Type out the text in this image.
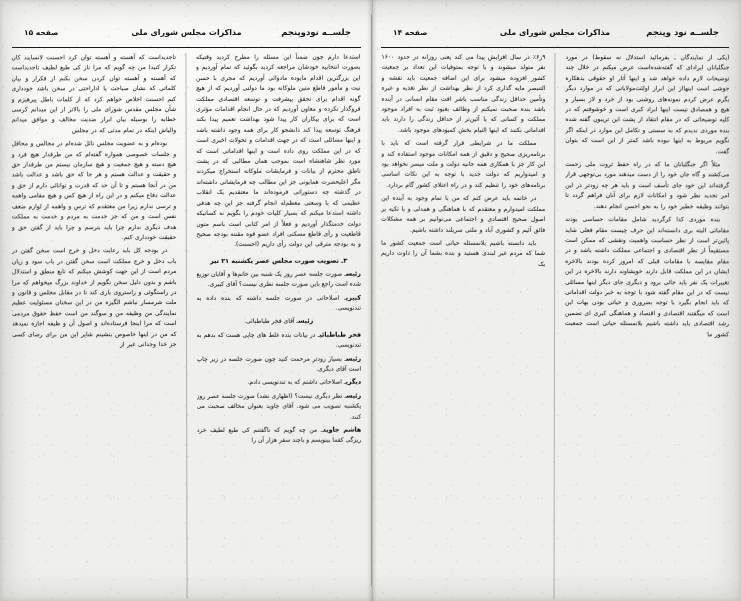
جلســه نودوپنجم
مذاکرات مجلس شورای ملی
صفحه ۱۵

استدعا دارم چون ضمناً این مسئله را مطرح کردید وقتیکه بصورت انتخابیه خودشان مراجعه کردید بگوئید که تمام آوردیم و این بزرگترین اقدام مایوده مادوائی آوردیم که مجری با حسن نیت و مأمور قاطع متین ملوکانه بود ما دولتی آوردیم که از هیچ گونه اقدام برای تحقق پیشرفت و توسعه اقتصادی مملکت فروگذار نکرده و معاون آوردیم که در حال انجام اقدامات مؤثری است که برای بیکاران کار پیدا شود بهداشت تعمیم پیدا بکند فرهنگ توسعه پیدا کند دانشجو کار برای همه وجود داشته باشد و اینها مسائلی است که در جهت اقدامات و تحولات اخیری است که در این مملکت روی داده است و اینها اقداماتی است که مورد نظر شاهنشاه است بموجب همان مطالبی که در پشت ناطق محترم از بیانات و فرمایشات ملوکانه استخراج میکردند مگر اعلیحضرت همایونی جز این مطالب چه فرمایشاتی داشته‌اند در گذشته چه دستوراتی فرموده‌اند ما معتقدیم یک انقلاب عظیمی که با وسعتی معظم‌له انجام گرفته جز این چه هدفی داشته استدعا میکنم که بسیار کلیات خودم را بگویم نه کسانیکه دولت خدمتگذار آوردیم و فعلاً از امر کتابی است باسم متون قاطعیت و رأی قاطع مسکنی افراد عضو قوه مقننه بودجه صحیح و به بودجه مترقی این دولت رأی داریم (احسنت).

۳ـ تصویب صورت مجلس عصر یکشنبه ۲۱ تیر

رئیسـ صورت جلسه عصر روز یک شنبه بین خانم‌ها و آقایان توزیع شده است راجع باین صورت جلسه نظری نیست؟ آقای کبیری.

کبیریـ اصلاحاتی در صورت جلسه داشته که بنده داده به تندنویسی.

رئیسـ آقای فخر طباطبائی.

فخر طباطبائیـ در بیانات بنده غلط های چاپی هست که بدهم به تندنویسی.

رئیسـ بسیار زودتر مرحمت کنید چون صورت جلسه در زیر چاپ است آقای دیگری.

دیگریـ اصلاحاتی داشتم که به تندنویسی دادم.

رئیسـ نظر دیگری نیست؟ (اظهاری نشد) صورت جلسه عصر روز یکشنبه تصویب می شود. آقای جاوید بعنوان مخالف صحبت می کنند.

هاشم جاویدـ من چه گویم که ناگفتنم کی طبع لطیف خرد ریزگی کفما بینویسم و باچند سفر هزار آن را

تاجدیداست که آهسته و آهسته توان کرد احسنت لانسایند کان تکرار کنیدا من چه گویم که مرا ناز کی طبع لطیف تاجدیداست که آهسته و آهسته توان کردن سخن بکنم از فکرار و بیان کلماتی که نشان صباحت یا اداراحتی در سخن باشد خودداری کنم احسنت اخلاص خواهم کرد که از کلمات باطل پیرهیزم و شأن مجلس مقدس شورای ملی را بالاتر از این میدانم کرسی خطابه را بوسیله بیان ابراز ضدیت مخالف و موافق میدانم والیاش اینکه در تمام مدتی که در مجلس

بوده‌ام و به عضویت مجلس نائل شده‌ام در مجالس و محافل و جلسات خصوصی همواره گفته‌ام که من طرفدار هیچ فرد و هیچ دسته و هیچ جمعیت و هیچ سازمان نیستم من طرفدار حق و حقیقت و عدالت هستم و هر جا که حق باشد و عدالت باشد من در آنجا هستم و تا آن حد که قدرت و توانائی دارم از حق و عدالت دفاع میکنم و در این راه از هیچ کس و هیچ مقامی واهمه و ترسی ندارم زیرا من معتقدم که ترس و واهمه از لوازم ضعف نفس است و من که جز خدمت به مردم و خدمت به مملکت هدف دیگری ندارم چرا باید بترسم و چرا باید از گفتن حق و حقیقت خودداری کنم.

در بودجه کل باید رعایت دخل و خرج است سخن گفتن در باب دخل و خرج مملکت است سخن گفتن در باب سود و زیان مردم است از این جهت کوشش میکنم که تابع منطق و استدلال باشم و بدون دلیل سخن نگویم از خداوند بزرگ میخواهم که مرا در راستگوئی و راستروی یاری کند تا در مقابل مجلس و قانون و ملت شرمسار نباشم الگیزه من در این سخنان مسئولیت عظیم نمایندگی من وظیفه من و سوگند من است حفظ حقوق مردمی است که مرا اینجا فرستاده‌اند و اصول آن و ظیفه اجازه نمیدهد که من در اینها خاصوص بنشینم شاپر این من برای رضای کسی جز خدا وجدانی غیر از

جلســه نود وپنجم
مذاکرات مجلس شورای ملی
صفحه ۱۴

(یکی از نمایندگان ـ بفرمائید استدلال نه سقوط) در مورد جنگلبانان ایرادای که گفته‌شده‌است عرض میکنم در خلال چند توضیحات لازم داده خواهد شد و اینها آثار او حقوقی بدهکاره جوشی است اینهااز این ابراز اولئت‌مولایانی که در موارد دیگر بگرم عرض کردم نمونه‌های روشنی بود از خرد و لاز بسیار و هیچ و همصادق نیست اینها ابراد کبری است و خوشوقتم که در کلیه توضیحاتی که در مقام انتقاد از پشت این تریبون گفته شده بنده موردی ندیدم که به سستی و تکامل این موارد در اینکه اگر نگویم مربوط به اینها نبوده باشد کمتر از این است که بتوان گفت.

مثلاً اگر جنگلبانان ما که در راه حفظ ثروت ملی زحمت می‌کشند و گاه جان خود را از دست میدهند مورد بی‌توجهی قرار گرفته‌اند این خود جای تأسف است و باید هر چه زودتر در این امر تجدید نظر شود و امکانات لازم برای آنان فراهم گردد تا بتوانند وظیفه خطیر خود را به نحو احسن انجام دهند.

بنده موردی کذا کرگردید شامل مقامات حساسی بودند مقاماتی البته بری دانسته‌اند این حرف چیست مقام فعلی شاید پائین‌تر است از نظر حساست واهمیت ونقشی که ممکن است مستقیماً از نظر اقتصادی و اجتماعی مملکت داشته باشد و در مقام مقایسه با مقامات قبلی که امروز کرده بودند بالاخره ایشان در این مملکت قابل دارند خویشاوند دارند بالاخره در این تغییرات یک نفر باید جائی برود و دیگری جای دیگر اینها مسائلی نیست که در این مقام گفته شود با توجه به خبر دولت اقداماتی که باید انجام بگیرد با توجه بضروری و حیاتی بودن بهات این است که میگفتند اقتصادی و اقتصاد و هماهنگی کبری ای تضمین رشد اقتصادی باید داشته باشیم بلانمسئله حیاتی است جمعیت کشور ما

۹ر۶٪ در سال افزایش پیدا می کند یعنی روزانه در حدود ۱۶۰۰ نفر متولد میشوند و با توجه بمتوفیات این تعداد بر جمعیت کشور افزوده میشود برای این اضافه جمعیت باید نقشه و التنبصر مایه گذاری کرد از نظر بهداشت از نظر تغذیه و غیره وتأمین حداقل زندگی مناسب باشر افت مقام انسانی در آینده باشد بنده صحبت نمیکنم از وظائف بغبود ثبت به افراد موجود مملکت و کسانی که یا آئین‌تر از حداقل زندگی را دارند باید اقداماتی بکنند که اینها التیام بخش کمبودهای موجود باشد.

مملکت ما در شرایطی قرار گرفته است که باید با برنامه‌ریزی صحیح و دقیق از همه امکانات موجود استفاده کند و این کار جز با همکاری همه جانبه دولت و ملت میسر نخواهد بود و امیدواریم که دولت جدید با توجه به این نکات اساسی برنامه‌های خود را تنظیم کند و در راه اعتلای کشور گام بردارد.

در خاتمه باید عرض کنم که من با تمام وجود به آینده این مملکت امیدوارم و معتقدم که با هماهنگی و همدلی و با تکیه بر اصول صحیح اقتصادی و اجتماعی می‌توانیم بر همه مشکلات فائق آئیم و کشوری آباد و ملتی سربلند داشته باشیم.

باید دانسته باشیم بلانمسئله حیاتی است جمعیت کشور ما شما که مردم غیر لبندی هستید و بنده بشما آن را داوت داریم یک
